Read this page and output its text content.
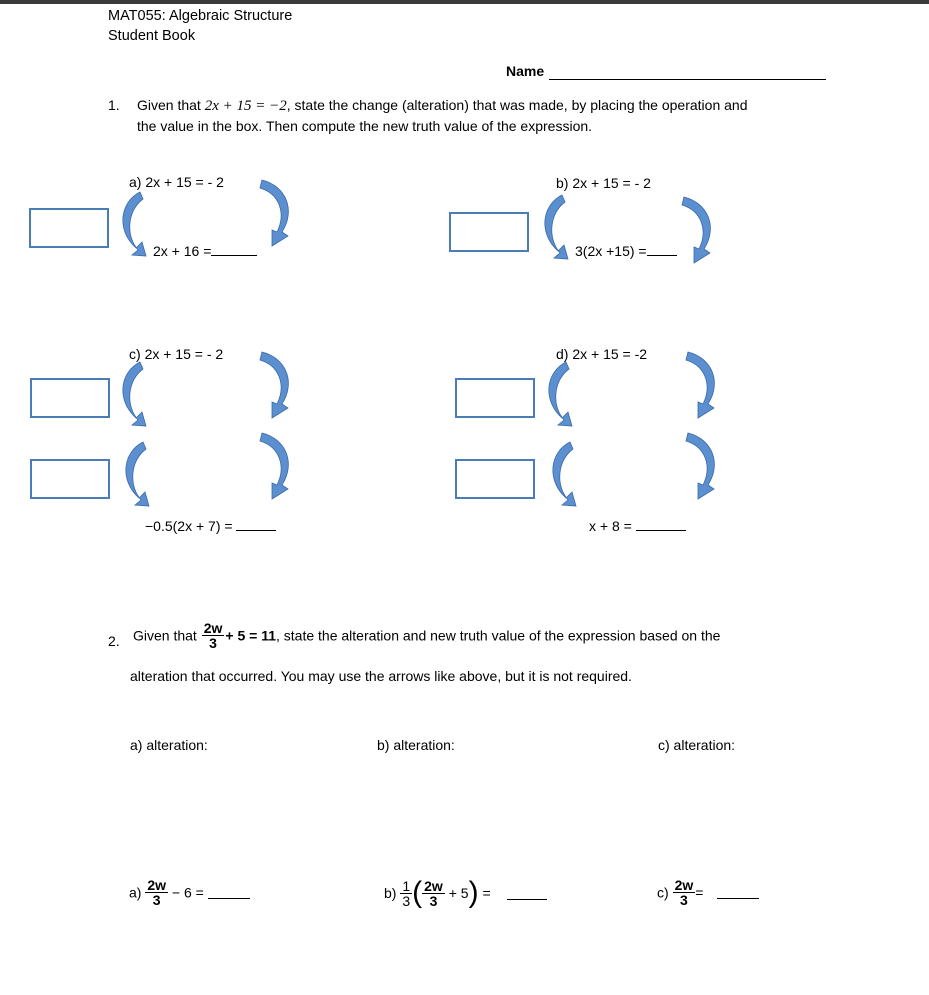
MAT055: Algebraic Structure
Student Book
Name
1. Given that 2x + 15 = −2, state the change (alteration) that was made, by placing the operation and
the value in the box. Then compute the new truth value of the expression.
a) 2x + 15 = - 2
2x + 16 =
b) 2x + 15 = - 2
3(2x +15) =
c) 2x + 15 = - 2
−0.5(2x + 7) =
d) 2x + 15 = -2
x + 8 =
2. Given that $\frac{2w}{3} + 5 = 11$, state the alteration and new truth value of the expression based on the
alteration that occurred. You may use the arrows like above, but it is not required.
a) alteration:	b) alteration:	c) alteration:
$a) \frac{2w}{3} - 6$ =	$b) \frac{1}{3}$ ( $\frac{2w}{3} + 5$) =	$c) \frac{2w}{3}$ =
